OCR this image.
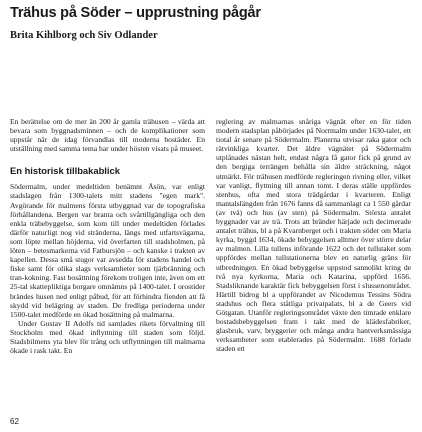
Trähus på Söder – upprustning pågår
Brita Kihlborg och Siv Odlander

En berättelse om de mer än 200 år gamla trähusen – värda att bevara som byggnadsminnen – och de komplikationer som uppstår när de idag förvandlas till moderna bostäder. En utställning med samma tema har under hösten visats på museet.

En historisk tillbakablick

Södermalm, under medeltiden benämnt Åsön, var enligt stadslagen från 1300-talets mitt stadens "egen mark". Avgörande för malmens första utbyggnad var de topografiska förhållandena. Bergen var branta och svårtillgängliga och den enkla träbebyggelse, som kom till under medeltiden förlades därför naturligt nog vid stränderna, längs med utfartsvägarna, som löpte mellan höjderna, vid överfarten till stadsholmen, på löten – betesmarkerna vid Fatbursjön – och kanske i trakten av kapellen. Dessa små stugor var avsedda för stadens handel och fiske samt för olika slags verksamheter som tjärbränning och tran-kokning. Fast bosättning förekom troligen inte, även om ett 25-tal skattepliktiga borgare omnämns på 1400-talet. I orostider brändes husen ned enligt påbud, för att förhindra fienden att få skydd vid belägring av staden. De fredliga perioderna under 1500-talet medförde en ökad bosättning på malmarna.

Under Gustav II Adolfs tid samlades rikets förvaltning till Stockholm med ökad inflyttning till staden som följd. Stadsbilmens yta blev för trång och utflyttningen till malmarna ökade i rask takt. En

reglering av malmarnas snåriga vägnät efter en för tiden modern stadsplan påbörjades på Norrmalm under 1630-talet, ett tiotal år senare på Södermalm. Planerna utvisar raka gator och rätvinkliga kvarter. Det äldre vägnätet på Södermalm utplånades nästan helt, endast några få gator fick på grund av den bergiga terrängen behålla sin äldre sträckning, något utmärkt. För trähusen medförde regleringen rivning eller, vilket var vanligt, flyttning till annan tomt. I deras ställe uppfördes stenhus, ofta med stora trädgårdar i kvarteren. Enligt mantalslängden från 1676 fanns då sammanlagt ca 1 550 gårdar (av tvä) och hus (av sten) på Södermalm. Största antalet byggnader var av trä. Trots att bränder härjade och decimerade antalet trähus, bl a på Kvarnberget och i trakten söder om Maria kyrka, byggd 1634, ökade bebyggelsen alltmer över större delar av malmen. Lilla tullens införande 1622 och det tullstaket som uppfördes mellan tullstationerna blev en naturlig gräns för utbredningen. En ökad bebyggelse uppstod sannolikt kring de två nya kyrkorna, Maria och Katarina, uppförd 1656. Stadsliknande karaktär fick bebyggelsen först i slussenområdet. Härtill bidrog bl a uppförandet av Nicodemus Tessins Södra stadshus och flera ståtliga privatpalats, bl a de Geers vid Götgatan. Utanför regleringsområdet växte den timrade enklare bostadsbebyggelsen fram i takt med de klädesfabriker, glasbruk, varv, bryggerier och många andra hantverksmässiga verksamheter som etablerades på Södermalm. 1688 förlade staden ett

62
